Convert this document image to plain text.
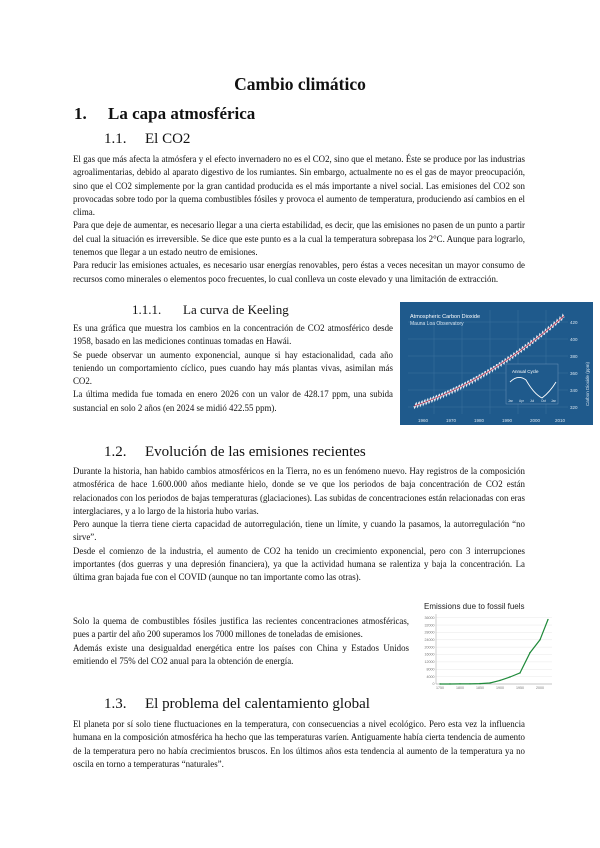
Cambio climático
1. La capa atmosférica
1.1. El CO2

El gas que más afecta la atmósfera y el efecto invernadero no es el CO2, sino que el metano. Éste se produce por las industrias agroalimentarias, debido al aparato digestivo de los rumiantes. Sin embargo, actualmente no es el gas de mayor preocupación, sino que el CO2 simplemente por la gran cantidad producida es el más importante a nivel social. Las emisiones del CO2 son provocadas sobre todo por la quema combustibles fósiles y provoca el aumento de temperatura, produciendo así cambios en el clima.

Para que deje de aumentar, es necesario llegar a una cierta estabilidad, es decir, que las emisiones no pasen de un punto a partir del cual la situación es irreversible. Se dice que este punto es a la cual la temperatura sobrepasa los 2°C. Aunque para lograrlo, tenemos que llegar a un estado neutro de emisiones.

Para reducir las emisiones actuales, es necesario usar energías renovables, pero éstas a veces necesitan un mayor consumo de recursos como minerales o elementos poco frecuentes, lo cual conlleva un coste elevado y una limitación de extracción.

1.1.1. La curva de Keeling

Es una gráfica que muestra los cambios en la concentración de CO2 atmosférico desde 1958, basado en las mediciones continuas tomadas en Hawái.

Se puede observar un aumento exponencial, aunque si hay estacionalidad, cada año teniendo un comportamiento cíclico, pues cuando hay más plantas vivas, asimilan más CO2.

La última medida fue tomada en enero 2026 con un valor de 428.17 ppm, una subida sustancial en solo 2 años (en 2024 se midió 422.55 ppm).

Atmospheric Carbon Dioxide
Mauna Loa Observatory
Annual Cycle
Jan Apr Jul Oct Jan
1960	1970	1980	1990	2000	2010
320
340
360
380
400
420
Carbon Dioxide (ppm)
1.2. Evolución de las emisiones recientes

Durante la historia, han habido cambios atmosféricos en la Tierra, no es un fenómeno nuevo. Hay registros de la composición atmosférica de hace 1.600.000 años mediante hielo, donde se ve que los periodos de baja concentración de CO2 están relacionados con los periodos de bajas temperaturas (glaciaciones). Las subidas de concentraciones están relacionadas con eras interglaciares, y a lo largo de la historia hubo varias.

Pero aunque la tierra tiene cierta capacidad de autorregulación, tiene un límite, y cuando la pasamos, la autorregulación “no sirve”.

Desde el comienzo de la industria, el aumento de CO2 ha tenido un crecimiento exponencial, pero con 3 interrupciones importantes (dos guerras y una depresión financiera), ya que la actividad humana se ralentiza y baja la concentración. La última gran bajada fue con el COVID (aunque no tan importante como las otras).

Solo la quema de combustibles fósiles justifica las recientes concentraciones atmosféricas, pues a partir del año 200 superamos los 7000 millones de toneladas de emisiones.

Además existe una desigualdad energética entre los países con China y Estados Unidos emitiendo el 75% del CO2 anual para la obtención de energía.

Emissions due to fossil fuels
0
4000
8000
12000
16000
20000
24000
28000
32000
36000
1750	1800	1850	1900	1950	2000
1.3. El problema del calentamiento global

El planeta por sí solo tiene fluctuaciones en la temperatura, con consecuencias a nivel ecológico. Pero esta vez la influencia humana en la composición atmosférica ha hecho que las temperaturas varíen. Antiguamente había cierta tendencia de aumento de la temperatura pero no había crecimientos bruscos. En los últimos años esta tendencia al aumento de la temperatura ya no oscila en torno a temperaturas “naturales”.
